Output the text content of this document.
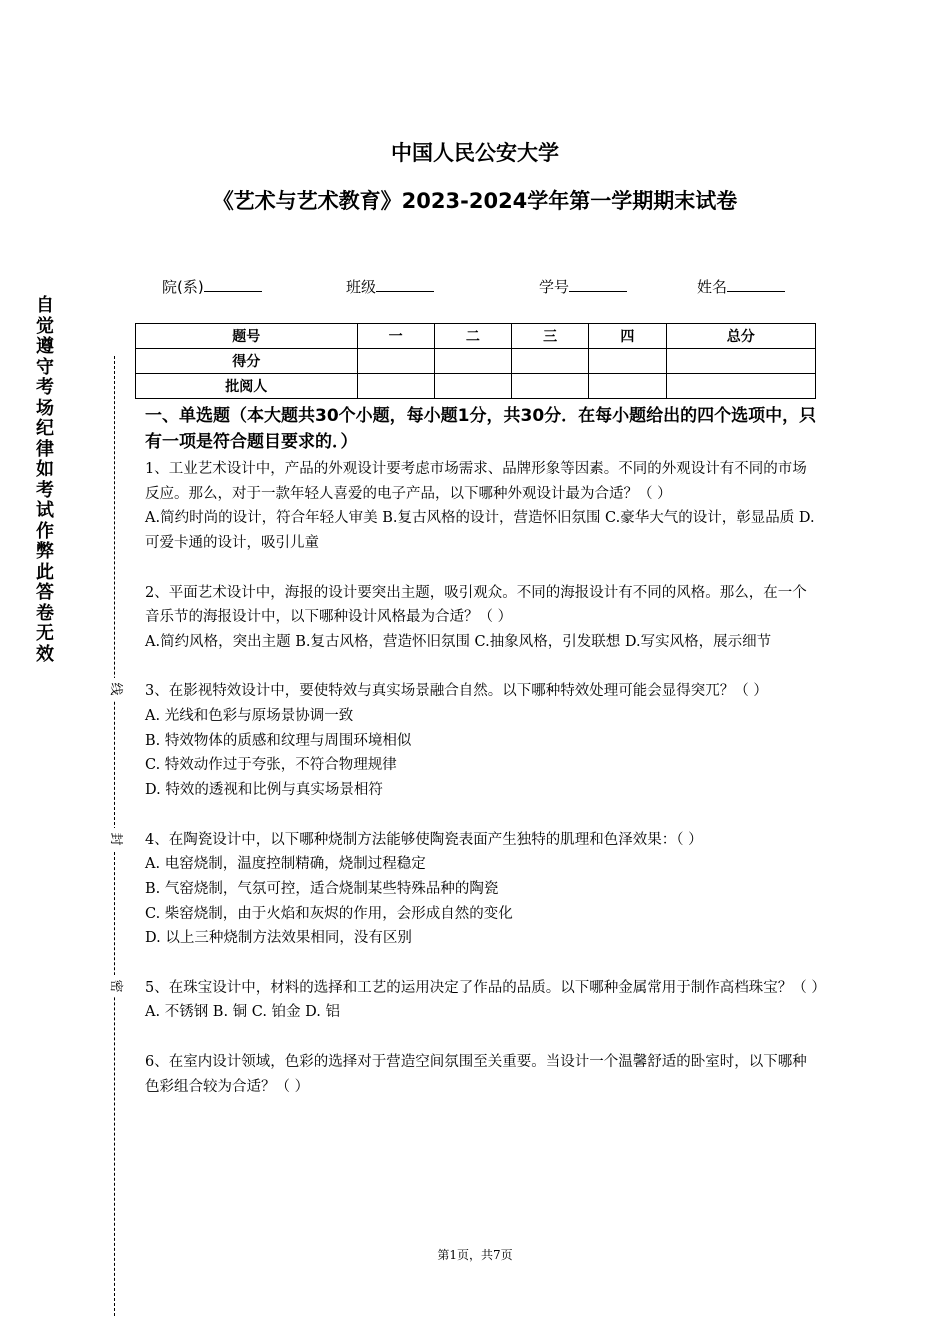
中国人民公安大学
《艺术与艺术教育》2023-2024学年第一学期期末试卷
院(系)	班级	学号	姓名
题号	一	二	三	四	总分
得分					
批阅人					
自觉遵守考场纪律如考试作弊此答卷无效
线
封
密
一、单选题（本大题共30个小题，每小题1分，共30分．在每小题给出的四个选项中，只有一项是符合题目要求的．）

1、工业艺术设计中，产品的外观设计要考虑市场需求、品牌形象等因素。不同的外观设计有不同的市场反应。那么，对于一款年轻人喜爱的电子产品，以下哪种外观设计最为合适？（ ）

A.简约时尚的设计，符合年轻人审美 B.复古风格的设计，营造怀旧氛围 C.豪华大气的设计，彰显品质 D.可爱卡通的设计，吸引儿童

2、平面艺术设计中，海报的设计要突出主题，吸引观众。不同的海报设计有不同的风格。那么，在一个音乐节的海报设计中，以下哪种设计风格最为合适？（ ）

A.简约风格，突出主题 B.复古风格，营造怀旧氛围 C.抽象风格，引发联想 D.写实风格，展示细节

3、在影视特效设计中，要使特效与真实场景融合自然。以下哪种特效处理可能会显得突兀？（ ）

A. 光线和色彩与原场景协调一致

B. 特效物体的质感和纹理与周围环境相似

C. 特效动作过于夸张，不符合物理规律

D. 特效的透视和比例与真实场景相符

4、在陶瓷设计中，以下哪种烧制方法能够使陶瓷表面产生独特的肌理和色泽效果：（ ）

A. 电窑烧制，温度控制精确，烧制过程稳定

B. 气窑烧制，气氛可控，适合烧制某些特殊品种的陶瓷

C. 柴窑烧制，由于火焰和灰烬的作用，会形成自然的变化

D. 以上三种烧制方法效果相同，没有区别

5、在珠宝设计中，材料的选择和工艺的运用决定了作品的品质。以下哪种金属常用于制作高档珠宝？（ ）

A. 不锈钢 B. 铜 C. 铂金 D. 铝

6、在室内设计领域，色彩的选择对于营造空间氛围至关重要。当设计一个温馨舒适的卧室时，以下哪种色彩组合较为合适？（ ）

第1页，共7页
